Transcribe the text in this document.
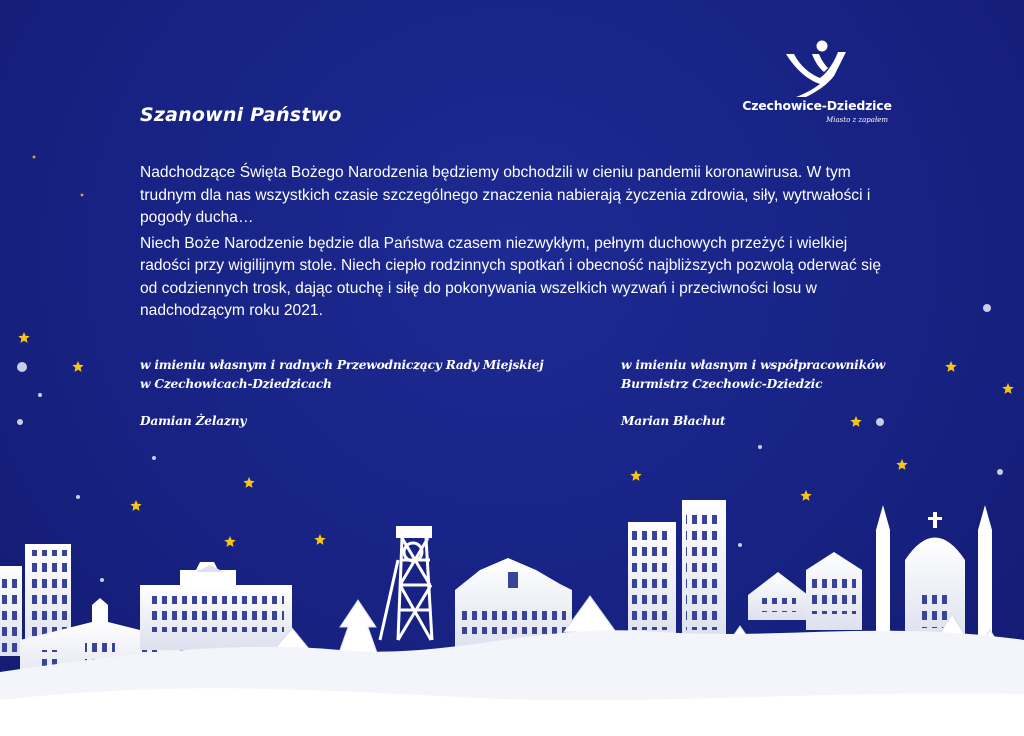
Czechowice-Dziedzice
Miasto z zapałem
Szanowni Państwo

Nadchodzące Święta Bożego Narodzenia będziemy obchodzili w cieniu pandemii koronawirusa. W tym trudnym dla nas wszystkich czasie szczególnego znaczenia nabierają życzenia zdrowia, siły, wytrwałości i pogody ducha…

Niech Boże Narodzenie będzie dla Państwa czasem niezwykłym, pełnym duchowych przeżyć i wielkiej radości przy wigilijnym stole. Niech ciepło rodzinnych spotkań i obecność najbliższych pozwolą oderwać się od codziennych trosk, dając otuchę i siłę do pokonywania wszelkich wyzwań i przeciwności losu w nadchodzącym roku 2021.

w imieniu własnym i radnych Przewodniczący Rady Miejskiej
w Czechowicach-Dziedzicach
Damian Żelazny
w imieniu własnym i współpracowników
Burmistrz Czechowic-Dziedzic
Marian Błachut
